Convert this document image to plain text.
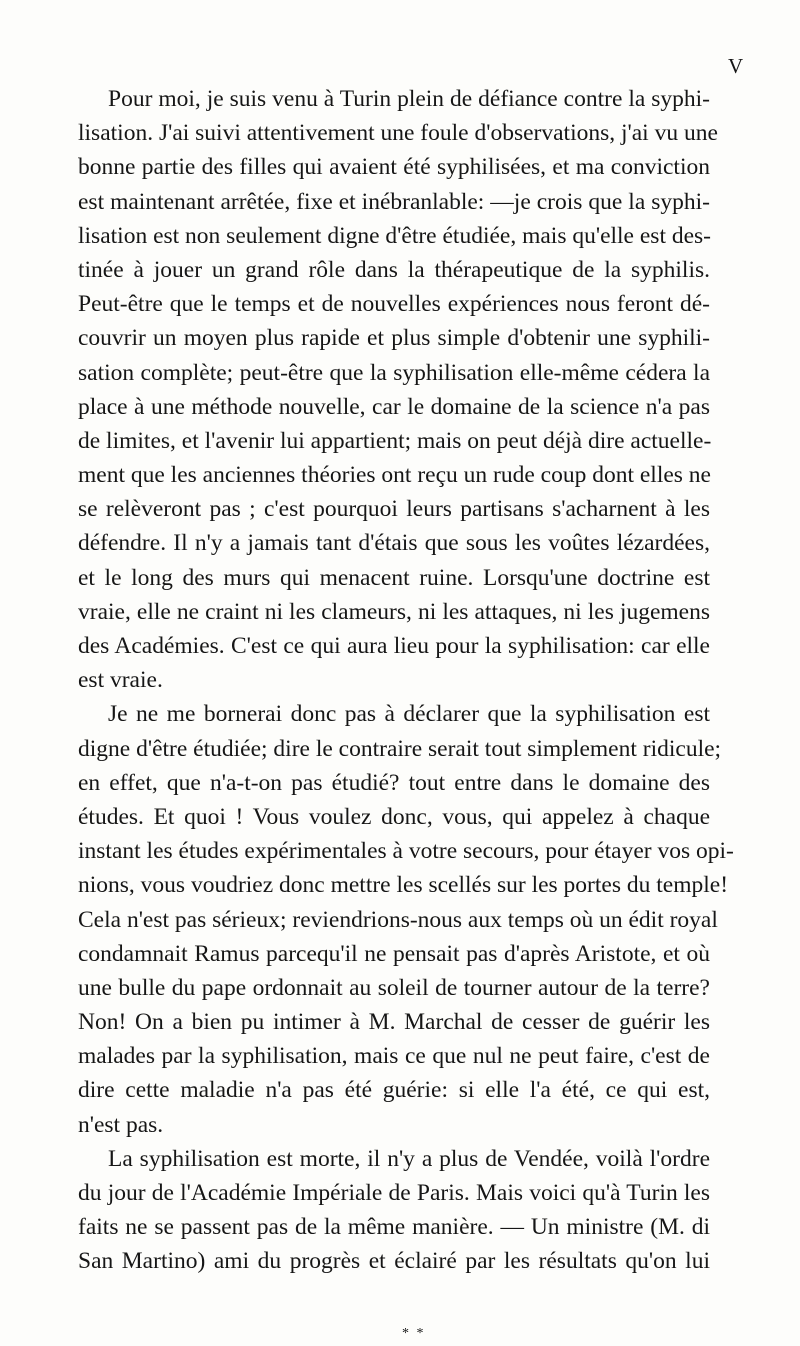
V
Pour moi, je suis venu à Turin plein de défiance contre la syphi-
lisation. J'ai suivi attentivement une foule d'observations, j'ai vu une
bonne partie des filles qui avaient été syphilisées, et ma conviction
est maintenant arrêtée, fixe et inébranlable: —je crois que la syphi-
lisation est non seulement digne d'être étudiée, mais qu'elle est des-
tinée à jouer un grand rôle dans la thérapeutique de la syphilis.
Peut-être que le temps et de nouvelles expériences nous feront dé-
couvrir un moyen plus rapide et plus simple d'obtenir une syphili-
sation complète; peut-être que la syphilisation elle-même cédera la
place à une méthode nouvelle, car le domaine de la science n'a pas
de limites, et l'avenir lui appartient; mais on peut déjà dire actuelle-
ment que les anciennes théories ont reçu un rude coup dont elles ne
se relèveront pas ; c'est pourquoi leurs partisans s'acharnent à les
défendre. Il n'y a jamais tant d'étais que sous les voûtes lézardées,
et le long des murs qui menacent ruine. Lorsqu'une doctrine est
vraie, elle ne craint ni les clameurs, ni les attaques, ni les jugemens
des Académies. C'est ce qui aura lieu pour la syphilisation: car elle
est vraie.
Je ne me bornerai donc pas à déclarer que la syphilisation est
digne d'être étudiée; dire le contraire serait tout simplement ridicule;
en effet, que n'a-t-on pas étudié? tout entre dans le domaine des
études. Et quoi ! Vous voulez donc, vous, qui appelez à chaque
instant les études expérimentales à votre secours, pour étayer vos opi-
nions, vous voudriez donc mettre les scellés sur les portes du temple!
Cela n'est pas sérieux; reviendrions-nous aux temps où un édit royal
condamnait Ramus parcequ'il ne pensait pas d'après Aristote, et où
une bulle du pape ordonnait au soleil de tourner autour de la terre?
Non! On a bien pu intimer à M. Marchal de cesser de guérir les
malades par la syphilisation, mais ce que nul ne peut faire, c'est de
dire cette maladie n'a pas été guérie: si elle l'a été, ce qui est,
n'est pas.
La syphilisation est morte, il n'y a plus de Vendée, voilà l'ordre
du jour de l'Académie Impériale de Paris. Mais voici qu'à Turin les
faits ne se passent pas de la même manière. — Un ministre (M. di
San Martino) ami du progrès et éclairé par les résultats qu'on lui
* *
